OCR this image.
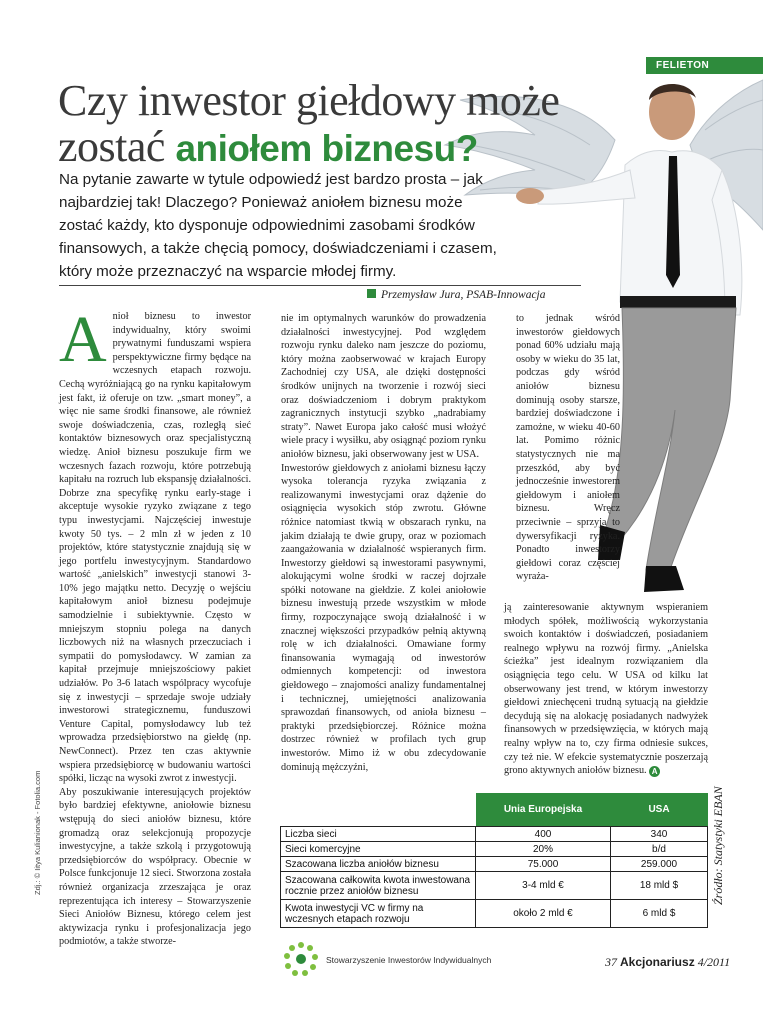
FELIETON
Czy inwestor giełdowy może
zostać aniołem biznesu?
Na pytanie zawarte w tytule odpowiedź jest bardzo prosta – jak najbardziej tak! Dlaczego? Ponieważ aniołem biznesu może zostać każdy, kto dysponuje odpowiednimi zasobami środków finansowych, a także chęcią pomocy, doświadczeniami i czasem, który może przeznaczyć na wsparcie młodej firmy.
Przemysław Jura, PSAB-Innowacja

Anioł biznesu to inwestor indywidualny, który swoimi prywatnymi funduszami wspiera perspektywiczne firmy będące na wczesnych etapach rozwoju. Cechą wyróżniającą go na rynku kapitałowym jest fakt, iż oferuje on tzw. „smart money”, a więc nie same środki finansowe, ale również swoje doświadczenia, czas, rozległą sieć kontaktów biznesowych oraz specjalistyczną wiedzę. Anioł biznesu poszukuje firm we wczesnych fazach rozwoju, które potrzebują kapitału na rozruch lub ekspansję działalności. Dobrze zna specyfikę rynku early-stage i akceptuje wysokie ryzyko związane z tego typu inwestycjami. Najczęściej inwestuje kwoty 50 tys. – 2 mln zł w jeden z 10 projektów, które statystycznie znajdują się w jego portfelu inwestycyjnym. Standardowo wartość „anielskich” inwestycji stanowi 3-10% jego majątku netto. Decyzję o wejściu kapitałowym anioł biznesu podejmuje samodzielnie i subiektywnie. Często w mniejszym stopniu polega na danych liczbowych niż na własnych przeczuciach i sympatii do pomysłodawcy. W zamian za kapitał przejmuje mniejszościowy pakiet udziałów. Po 3-6 latach wspólpracy wycofuje się z inwestycji – sprzedaje swoje udziały inwestorowi strategicznemu, funduszowi Venture Capital, pomysłodawcy lub też wprowadza przedsiębiorstwo na giełdę (np. NewConnect). Przez ten czas aktywnie wspiera przedsiębiorcę w budowaniu wartości spółki, licząc na wysoki zwrot z inwestycji.

Aby poszukiwanie interesujących projektów było bardziej efektywne, aniołowie biznesu wstępują do sieci aniołów biznesu, które gromadzą oraz selekcjonują propozycje inwestycyjne, a także szkolą i przygotowują przedsiębiorców do współpracy. Obecnie w Polsce funkcjonuje 12 sieci. Stworzona została również organizacja zrzeszająca je oraz reprezentująca ich interesy – Stowarzyszenie Sieci Aniołów Biznesu, którego celem jest aktywizacja rynku i profesjonalizacja jego podmiotów, a także stworze-

nie im optymalnych warunków do prowadzenia działalności inwestycyjnej. Pod względem rozwoju rynku daleko nam jeszcze do poziomu, który można zaobserwować w krajach Europy Zachodniej czy USA, ale dzięki dostępności środków unijnych na tworzenie i rozwój sieci oraz doświadczeniom i dobrym praktykom zagranicznych instytucji szybko „nadrabiamy straty”. Nawet Europa jako całość musi włożyć wiele pracy i wysiłku, aby osiągnąć poziom rynku aniołów biznesu, jaki obserwowany jest w USA.

Inwestorów giełdowych z aniołami biznesu łączy wysoka tolerancja ryzyka związania z realizowanymi inwestycjami oraz dążenie do osiągnięcia wysokich stóp zwrotu. Główne różnice natomiast tkwią w obszarach rynku, na jakim działają te dwie grupy, oraz w poziomach zaangażowania w działalność wspieranych firm. Inwestorzy giełdowi są inwestorami pasywnymi, alokującymi wolne środki w raczej dojrzałe spółki notowane na giełdzie. Z kolei aniołowie biznesu inwestują przede wszystkim w młode firmy, rozpoczynające swoją działalność i w znacznej większości przypadków pełnią aktywną rolę w ich działalności. Omawiane formy finansowania wymagają od inwestorów odmiennych kompetencji: od inwestora giełdowego – znajomości analizy fundamentalnej i technicznej, umiejętności analizowania sprawozdań finansowych, od anioła biznesu – praktyki przedsiębiorczej. Różnice można dostrzec również w profilach tych grup inwestorów. Mimo iż w obu zdecydowanie dominują mężczyźni,

to jednak wśród inwestorów giełdowych ponad 60% udziału mają osoby w wieku do 35 lat, podczas gdy wśród aniołów biznesu dominują osoby starsze, bardziej doświadczone i zamożne, w wieku 40-60 lat. Pomimo różnic statystycznych nie ma przeszkód, aby być jednocześnie inwestorem giełdowym i aniołem biznesu. Wręcz przeciwnie – sprzyja to dywersyfikacji ryzyka. Ponadto inwestorzy giełdowi coraz częściej wyraża-
ją zainteresowanie aktywnym wspieraniem młodych spółek, możliwością wykorzystania swoich kontaktów i doświadczeń, posiadaniem realnego wpływu na rozwój firmy. „Anielska ścieżka” jest idealnym rozwiązaniem dla osiągnięcia tego celu. W USA od kilku lat obserwowany jest trend, w którym inwestorzy giełdowi zniechęceni trudną sytuacją na giełdzie decydują się na alokację posiadanych nadwyżek finansowych w przedsięwzięcia, w których mają realny wpływ na to, czy firma odniesie sukces, czy też nie. W efekcie systematycznie poszerzają grono aktywnych aniołów biznesu. A
Zdj.: © Iitya Kulianionak - Fotolia.com	Źródło: Statystyki EBAN
	Unia Europejska	USA
Liczba sieci	400	340
Sieci komercyjne	20%	b/d
Szacowana liczba aniołów biznesu	75.000	259.000
Szacowana całkowita kwota inwestowana rocznie przez aniołów biznesu	3-4 mld €	18 mld $
Kwota inwestycji VC w firmy na wczesnych etapach rozwoju	około 2 mld €	6 mld $
Stowarzyszenie Inwestorów Indywidualnych	37 Akcjonariusz 4/2011
